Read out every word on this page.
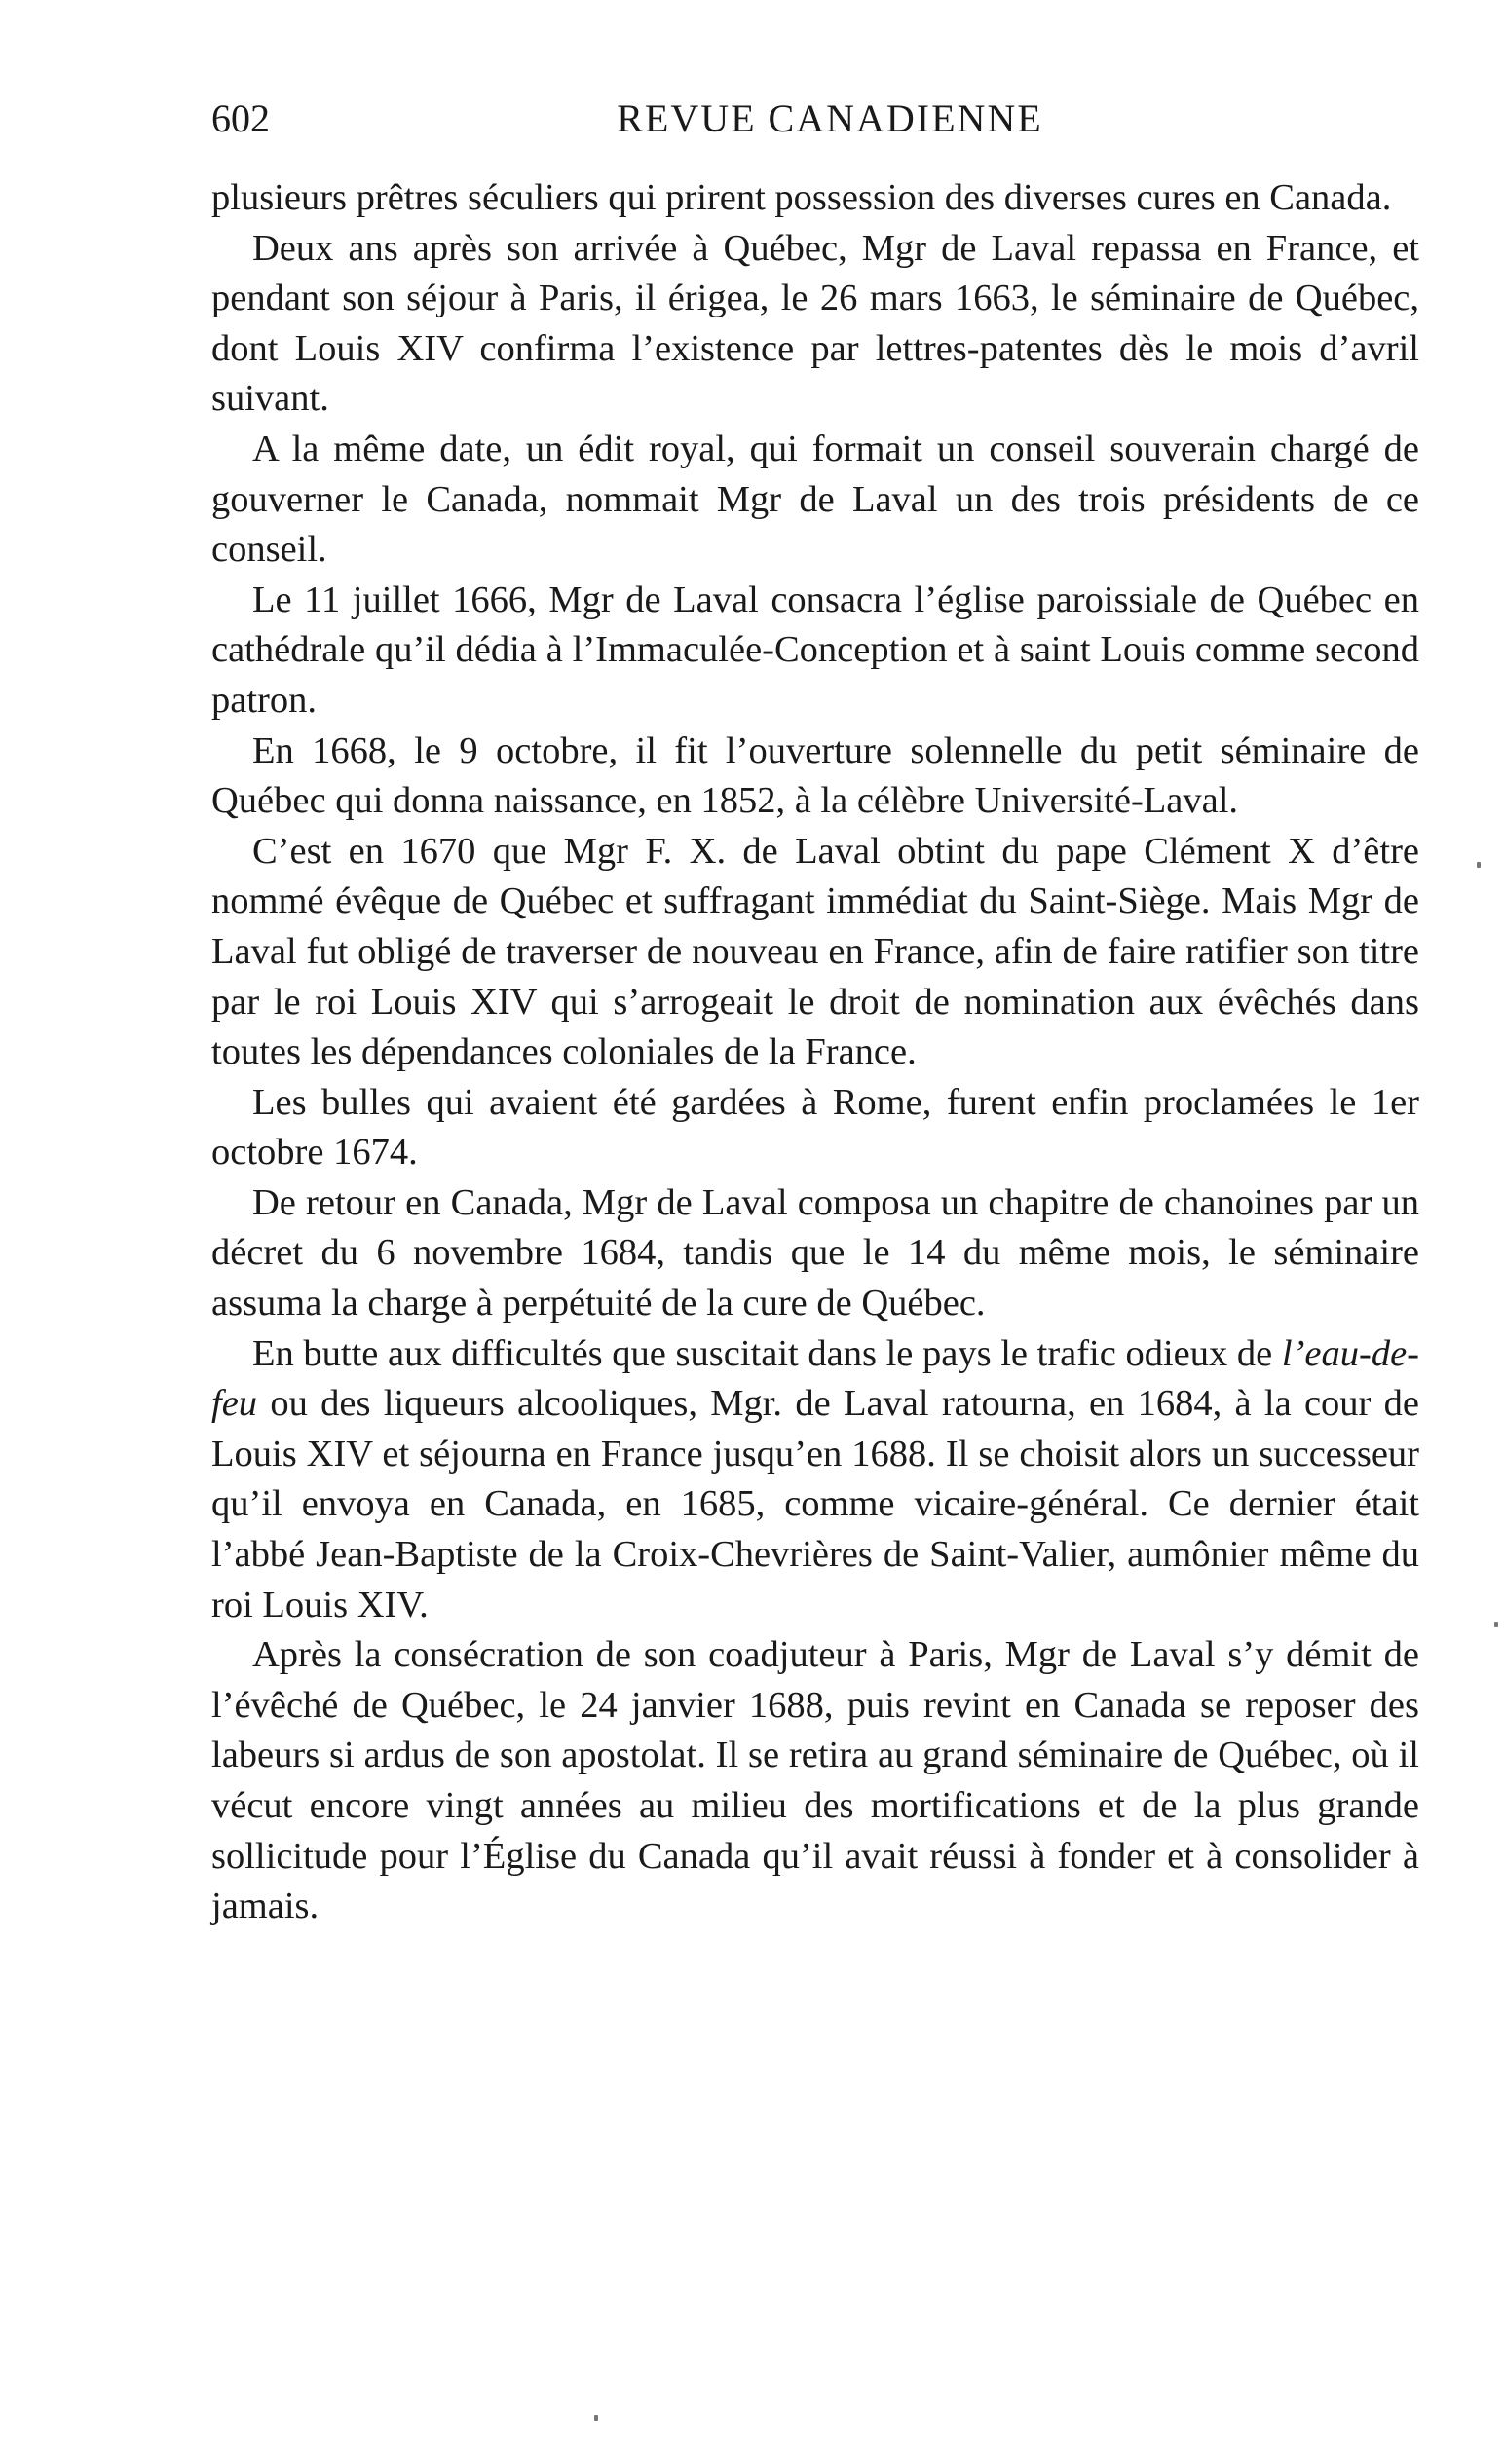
602	REVUE CANADIENNE

plusieurs prêtres séculiers qui prirent possession des diverses cures en Canada.

Deux ans après son arrivée à Québec, Mgr de Laval repassa en France, et pendant son séjour à Paris, il érigea, le 26 mars 1663, le séminaire de Québec, dont Louis XIV confirma l’existence par lettres-patentes dès le mois d’avril suivant.

A la même date, un édit royal, qui formait un conseil souverain chargé de gouverner le Canada, nommait Mgr de Laval un des trois présidents de ce conseil.

Le 11 juillet 1666, Mgr de Laval consacra l’église paroissiale de Québec en cathédrale qu’il dédia à l’Immaculée-Conception et à saint Louis comme second patron.

En 1668, le 9 octobre, il fit l’ouverture solennelle du petit séminaire de Québec qui donna naissance, en 1852, à la célèbre Université-Laval.

C’est en 1670 que Mgr F. X. de Laval obtint du pape Clément X d’être nommé évêque de Québec et suffragant immédiat du Saint-Siège. Mais Mgr de Laval fut obligé de traverser de nouveau en France, afin de faire ratifier son titre par le roi Louis XIV qui s’arrogeait le droit de nomination aux évêchés dans toutes les dépendances coloniales de la France.

Les bulles qui avaient été gardées à Rome, furent enfin proclamées le 1er octobre 1674.

De retour en Canada, Mgr de Laval composa un chapitre de chanoines par un décret du 6 novembre 1684, tandis que le 14 du même mois, le séminaire assuma la charge à perpétuité de la cure de Québec.

En butte aux difficultés que suscitait dans le pays le trafic odieux de l’eau-de-feu ou des liqueurs alcooliques, Mgr. de Laval ratourna, en 1684, à la cour de Louis XIV et séjourna en France jusqu’en 1688. Il se choisit alors un successeur qu’il envoya en Canada, en 1685, comme vicaire-général. Ce dernier était l’abbé Jean-Baptiste de la Croix-Chevrières de Saint-Valier, aumônier même du roi Louis XIV.

Après la consécration de son coadjuteur à Paris, Mgr de Laval s’y démit de l’évêché de Québec, le 24 janvier 1688, puis revint en Canada se reposer des labeurs si ardus de son apostolat. Il se retira au grand séminaire de Québec, où il vécut encore vingt années au milieu des mortifications et de la plus grande sollicitude pour l’Église du Canada qu’il avait réussi à fonder et à consolider à jamais.
